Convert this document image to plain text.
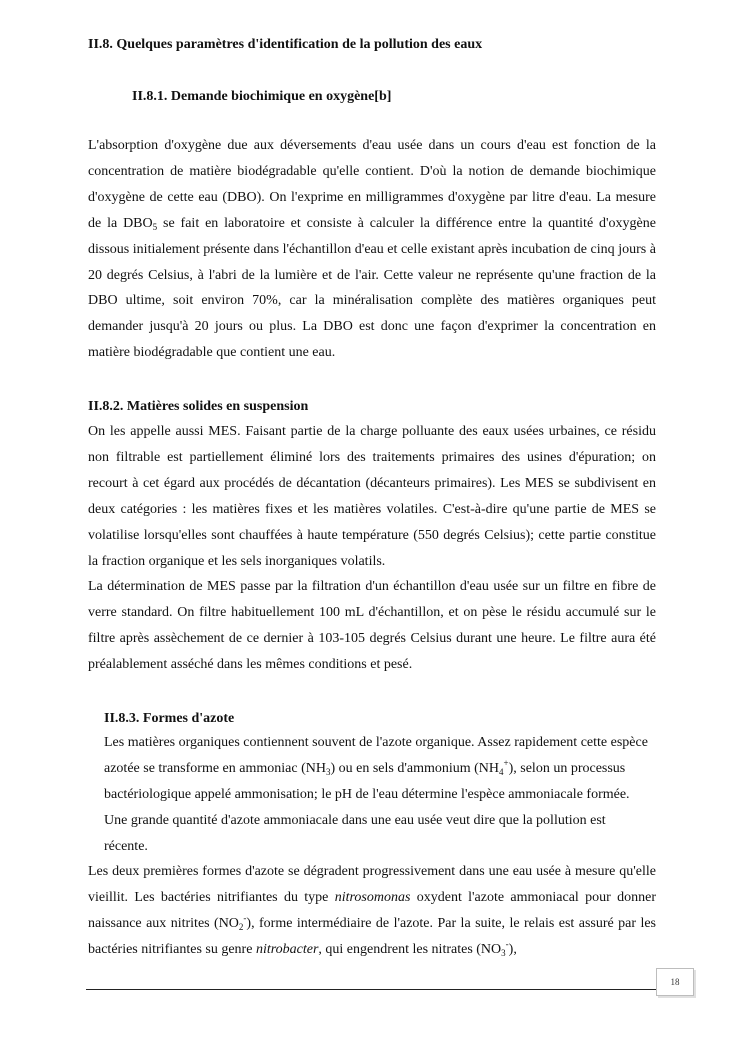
II.8. Quelques paramètres d'identification de la pollution des eaux
II.8.1. Demande biochimique en oxygène[b]

L'absorption d'oxygène due aux déversements d'eau usée dans un cours d'eau est fonction de la concentration de matière biodégradable qu'elle contient. D'où la notion de demande biochimique d'oxygène de cette eau (DBO). On l'exprime en milligrammes d'oxygène par litre d'eau. La mesure de la $DBO_5$ se fait en laboratoire et consiste à calculer la différence entre la quantité d'oxygène dissous initialement présente dans l'échantillon d'eau et celle existant après incubation de cinq jours à 20 degrés Celsius, à l'abri de la lumière et de l'air. Cette valeur ne représente qu'une fraction de la DBO ultime, soit environ 70%, car la minéralisation complète des matières organiques peut demander jusqu'à 20 jours ou plus. La DBO est donc une façon d'exprimer la concentration en matière biodégradable que contient une eau.

II.8.2. Matières solides en suspension

On les appelle aussi MES. Faisant partie de la charge polluante des eaux usées urbaines, ce résidu non filtrable est partiellement éliminé lors des traitements primaires des usines d'épuration; on recourt à cet égard aux procédés de décantation (décanteurs primaires). Les MES se subdivisent en deux catégories : les matières fixes et les matières volatiles. C'est-à-dire qu'une partie de MES se volatilise lorsqu'elles sont chauffées à haute température (550 degrés Celsius); cette partie constitue la fraction organique et les sels inorganiques volatils.

La détermination de MES passe par la filtration d'un échantillon d'eau usée sur un filtre en fibre de verre standard. On filtre habituellement 100 mL d'échantillon, et on pèse le résidu accumulé sur le filtre après assèchement de ce dernier à 103-105 degrés Celsius durant une heure. Le filtre aura été préalablement asséché dans les mêmes conditions et pesé.

II.8.3. Formes d'azote

Les matières organiques contiennent souvent de l'azote organique. Assez rapidement cette espèce azotée se transforme en ammoniac $(NH_3)$ ou en sels d'ammonium $(NH_4^+)$, selon un processus bactériologique appelé ammonisation; le pH de l'eau détermine l'espèce ammoniacale formée. Une grande quantité d'azote ammoniacale dans une eau usée veut dire que la pollution est récente.

Les deux premières formes d'azote se dégradent progressivement dans une eau usée à mesure qu'elle vieillit. Les bactéries nitrifiantes du type nitrosomonas oxydent l'azote ammoniacal pour donner naissance aux nitrites $(NO_2^-)$, forme intermédiaire de l'azote. Par la suite, le relais est assuré par les bactéries nitrifiantes su genre nitrobacter, qui engendrent les nitrates $(NO_3^-)$,

18
